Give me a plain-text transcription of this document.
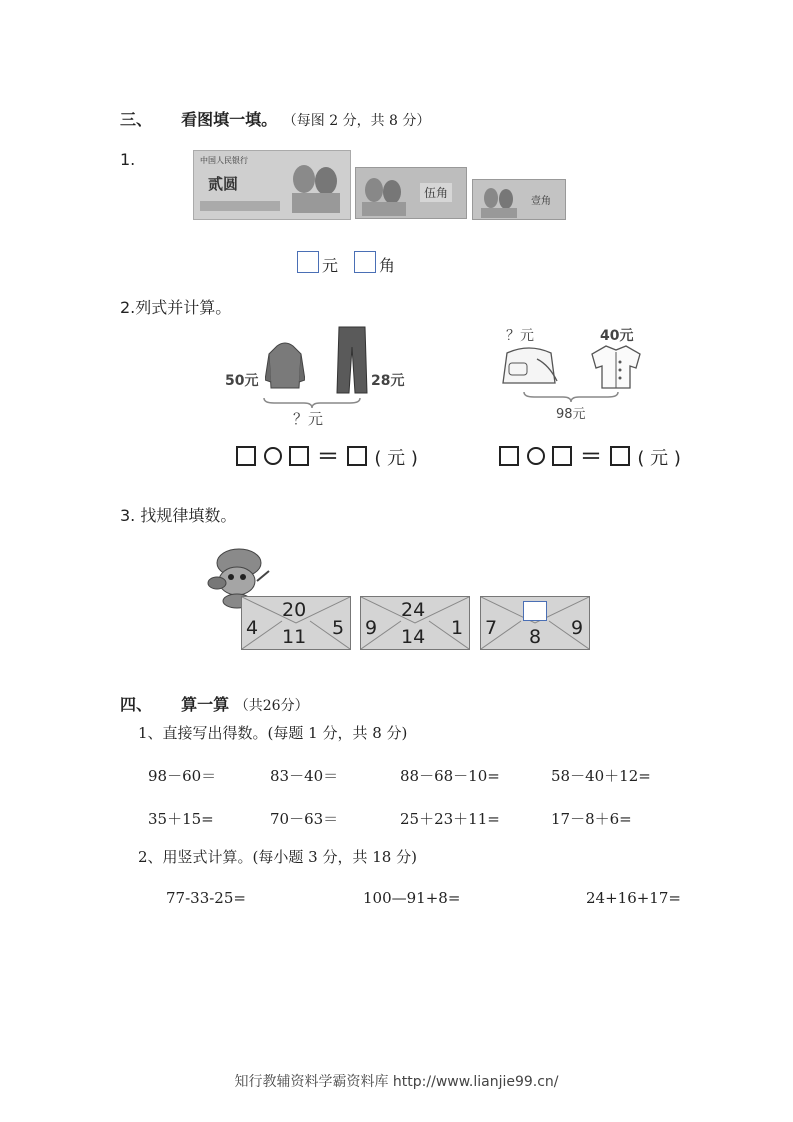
三、 看图填一填。 （每图 2 分，共 8 分）
1.	中国人民银行
贰圆	伍角
壹角
元	角
2.列式并计算。
50元	28元
？元
＝ ( 元 )
？元	40元
98元
＝ ( 元 )
3. 找规律填数。
20
4 11 5
24
9 14 1 7 8 9
四、 算一算 （共26分）
1、直接写出得数。(每题 1 分，共 8 分)
98－60＝	83－40＝	88－68－10=	58－40＋12=
35＋15=	70－63＝	25＋23＋11=	17－8＋6=
2、用竖式计算。(每小题 3 分，共 18 分)
77-33-25=	100—91+8=	24+16+17=
知行教辅资料学霸资料库 http://www.lianjie99.cn/
